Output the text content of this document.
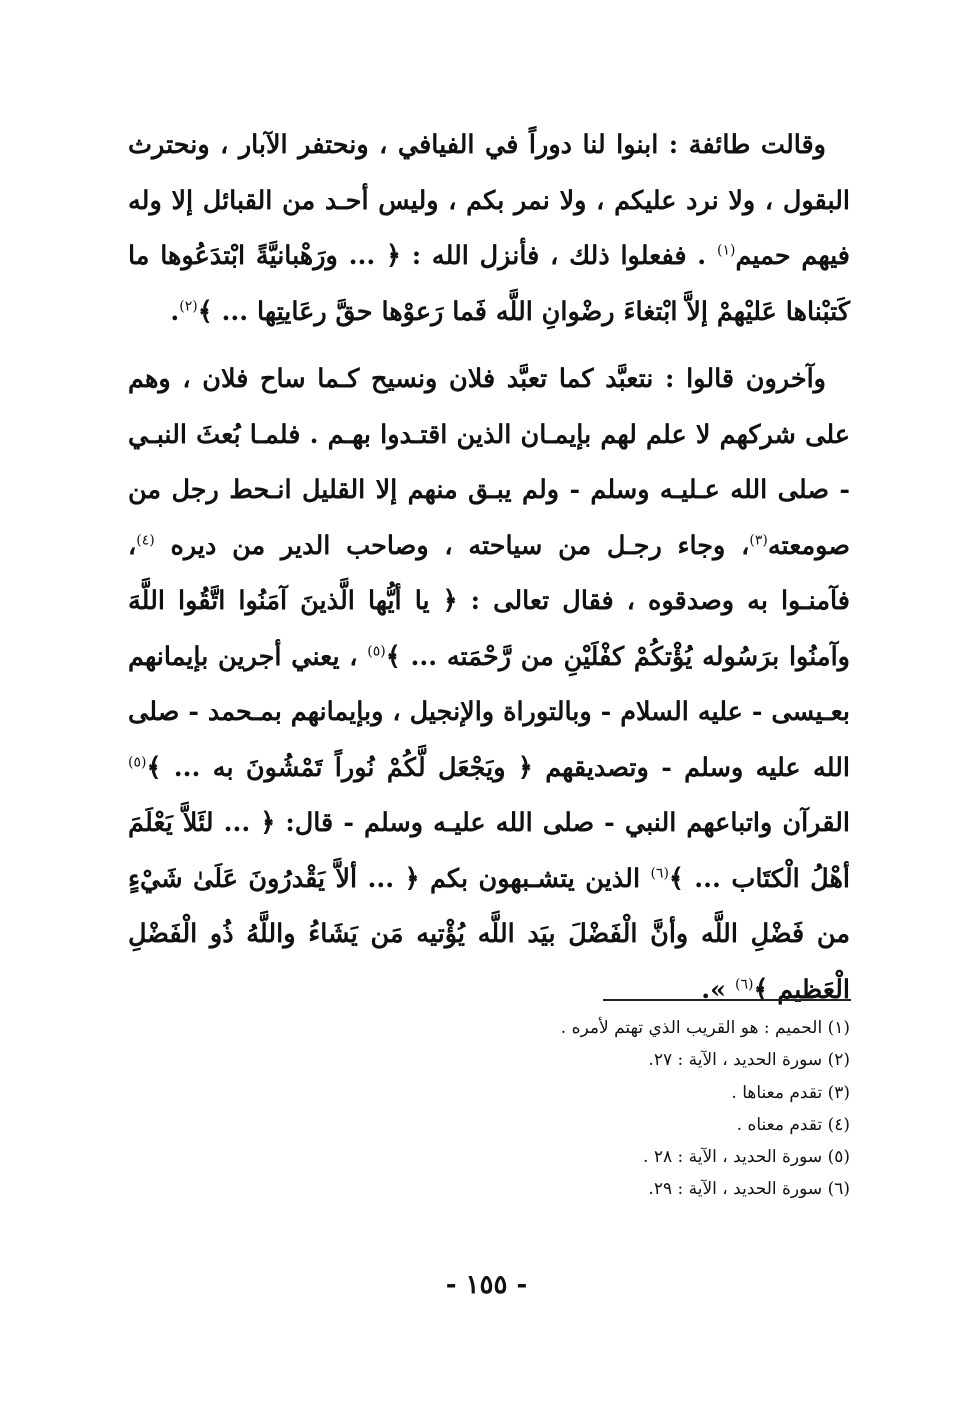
وقالت طائفة : ابنوا لنا دوراً في الفيافي ، ونحتفر الآبار ، ونحترث البقول ، ولا نرد عليكم ، ولا نمر بكم ، وليس أحـد من القبائل إلا وله فيهم حميم$^{(١)}$ . ففعلوا ذلك ، فأنزل الله : ﴿ ... ورَهْبانيَّةً ابْتدَعُوها ما كَتبْناها عَليْهمْ إلاَّ ابْتغاءَ رضْوانِ اللَّه فَما رَعوْها حقَّ رعَايتِها ... ﴾$^{(٢)}$.

وآخرون قالوا : نتعبَّد كما تعبَّد فلان ونسيح كـما ساح فلان ، وهم على شركهم لا علم لهم بإيمـان الذين اقتـدوا بهـم . فلمـا بُعثَ النبـي - صلى الله عـليـه وسلم - ولم يبـق منهم إلا القليل انـحط رجل من صومعته$^{(٣)}$، وجاء رجـل من سياحته ، وصاحب الدير من ديره $^{(٤)}$، فآمنـوا به وصدقوه ، فقال تعالى : ﴿ يا أيُّها الَّذينَ آمَنُوا اتَّقُوا اللَّهَ وآمنُوا برَسُوله يُؤْتكُمْ كفْلَيْنِ من رَّحْمَته ... ﴾$^{(٥)}$ ، يعني أجرين بإيمانهم بعـيسى - عليه السلام - وبالتوراة والإنجيل ، وبإيمانهم بمـحمد - صلى الله عليه وسلم - وتصديقهم ﴿ ويَجْعَل لَّكُمْ نُوراً تَمْشُونَ به ... ﴾$^{(٥)}$ القرآن واتباعهم النبي - صلى الله عليـه وسلم - قال: ﴿ ... لئَلاَّ يَعْلَمَ أهْلُ الْكتَاب ... ﴾$^{(٦)}$ الذين يتشـبهون بكم ﴿ ... ألاَّ يَقْدرُونَ عَلَىٰ شَيْءٍ من فَضْلِ اللَّه وأنَّ الْفَضْلَ بيَد اللَّه يُؤْتيه مَن يَشَاءُ واللَّهُ ذُو الْفَضْلِ الْعَظيم ﴾$^{(٦)}$ ».

(١) الحميم : هو القريب الذي تهتم لأمره .
(٢) سورة الحديد ، الآية : ٢٧.
(٣) تقدم معناها .
(٤) تقدم معناه .
(٥) سورة الحديد ، الآية : ٢٨ .
(٦) سورة الحديد ، الآية : ٢٩.
- ١٥٥ -
